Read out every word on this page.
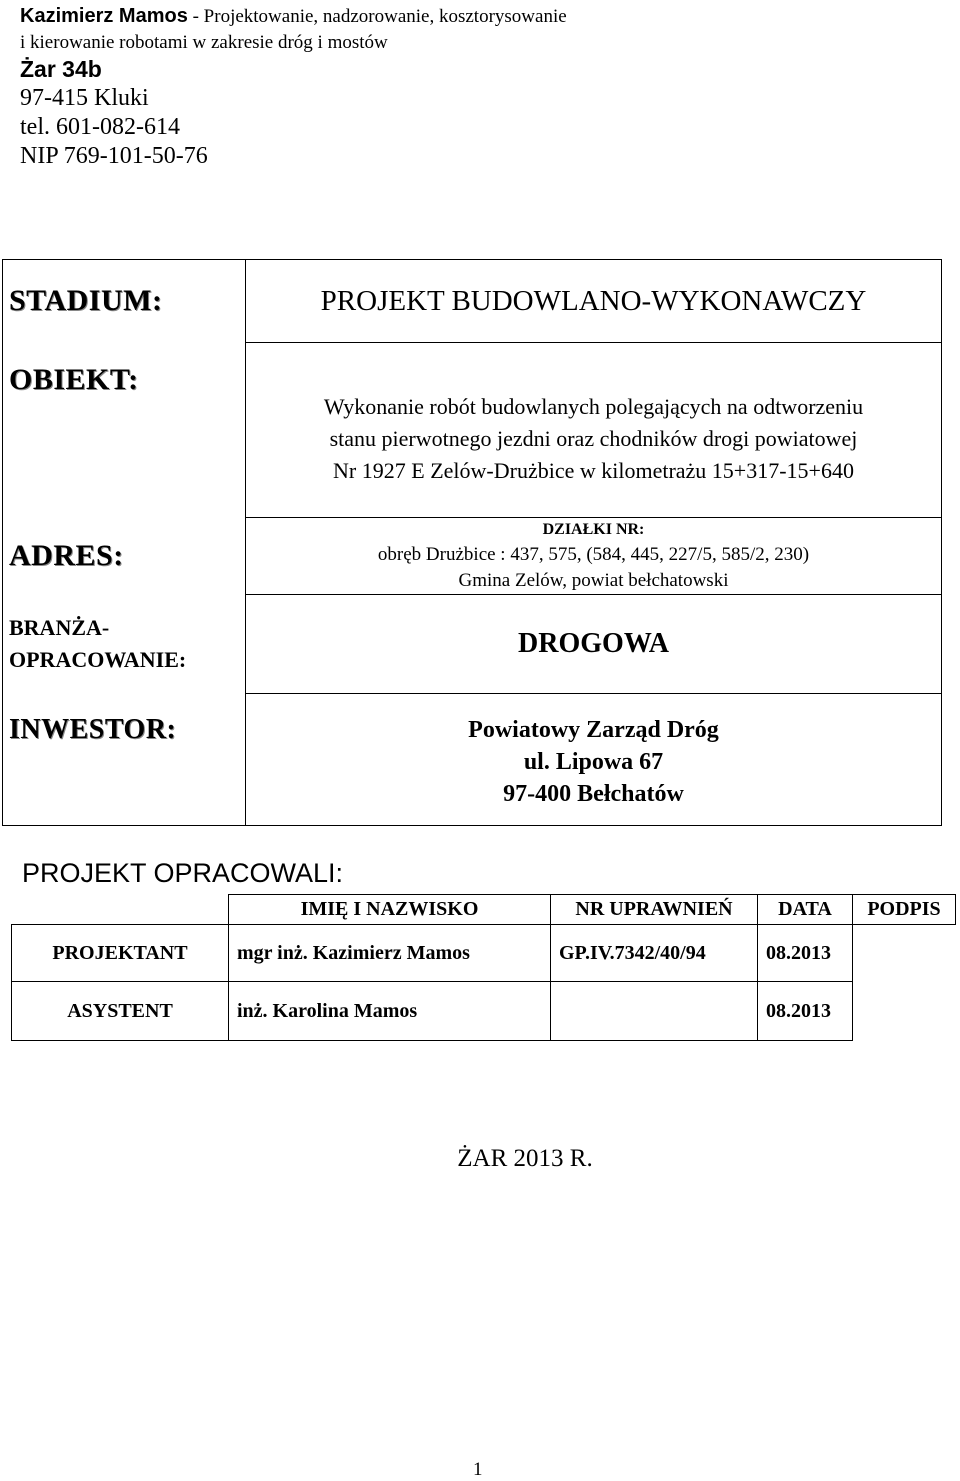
Kazimierz Mamos - Projektowanie, nadzorowanie, kosztorysowanie
i kierowanie robotami w zakresie dróg i mostów
Żar 34b
97-415 Kluki
tel. 601-082-614
NIP 769-101-50-76
STADIUM:	PROJEKT BUDOWLANO-WYKONAWCZY

OBIEKT:	Wykonanie robót budowlanych polegających na odtworzeniu
stanu pierwotnego jezdni oraz chodników drogi powiatowej
Nr 1927 E Zelów-Drużbice w kilometrażu 15+317-15+640

ADRES:	DZIAŁKI NR:
obręb Drużbice : 437, 575, (584, 445, 227/5, 585/2, 230)
Gmina Zelów, powiat bełchatowski

BRANŻA-
OPRACOWANIE:	DROGOWA

INWESTOR:	Powiatowy Zarząd Dróg
ul. Lipowa 67
97-400 Bełchatów
PROJEKT OPRACOWALI:
	IMIĘ I NAZWISKO	NR UPRAWNIEŃ	DATA	PODPIS
PROJEKTANT	mgr inż. Kazimierz Mamos	GP.IV.7342/40/94	08.2013	
ASYSTENT	inż. Karolina Mamos		08.2013	
ŻAR 2013 R.
1
